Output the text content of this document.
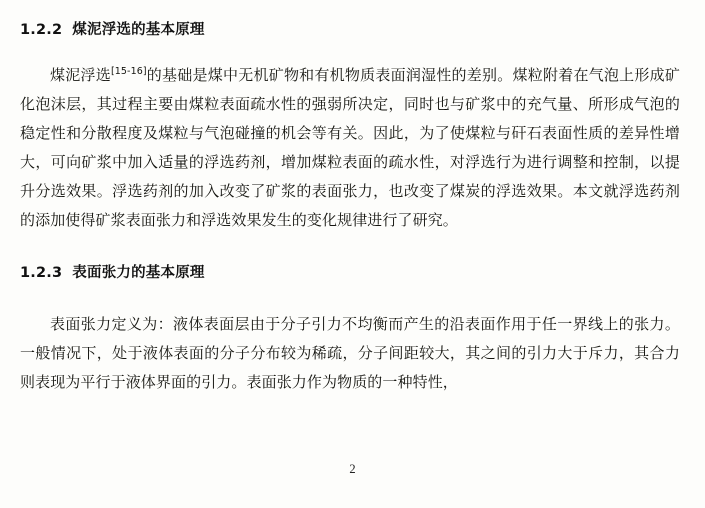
1.2.2 煤泥浮选的基本原理

煤泥浮选[15-16]的基础是煤中无机矿物和有机物质表面润湿性的差别。煤粒附着在气泡上形成矿化泡沫层，其过程主要由煤粒表面疏水性的强弱所决定，同时也与矿浆中的充气量、所形成气泡的稳定性和分散程度及煤粒与气泡碰撞的机会等有关。因此，为了使煤粒与矸石表面性质的差异性增大，可向矿浆中加入适量的浮选药剂，增加煤粒表面的疏水性，对浮选行为进行调整和控制，以提升分选效果。浮选药剂的加入改变了矿浆的表面张力，也改变了煤炭的浮选效果。本文就浮选药剂的添加使得矿浆表面张力和浮选效果发生的变化规律进行了研究。

1.2.3 表面张力的基本原理

表面张力定义为：液体表面层由于分子引力不均衡而产生的沿表面作用于任一界线上的张力。一般情况下，处于液体表面的分子分布较为稀疏，分子间距较大，其之间的引力大于斥力，其合力则表现为平行于液体界面的引力。表面张力作为物质的一种特性，

2
